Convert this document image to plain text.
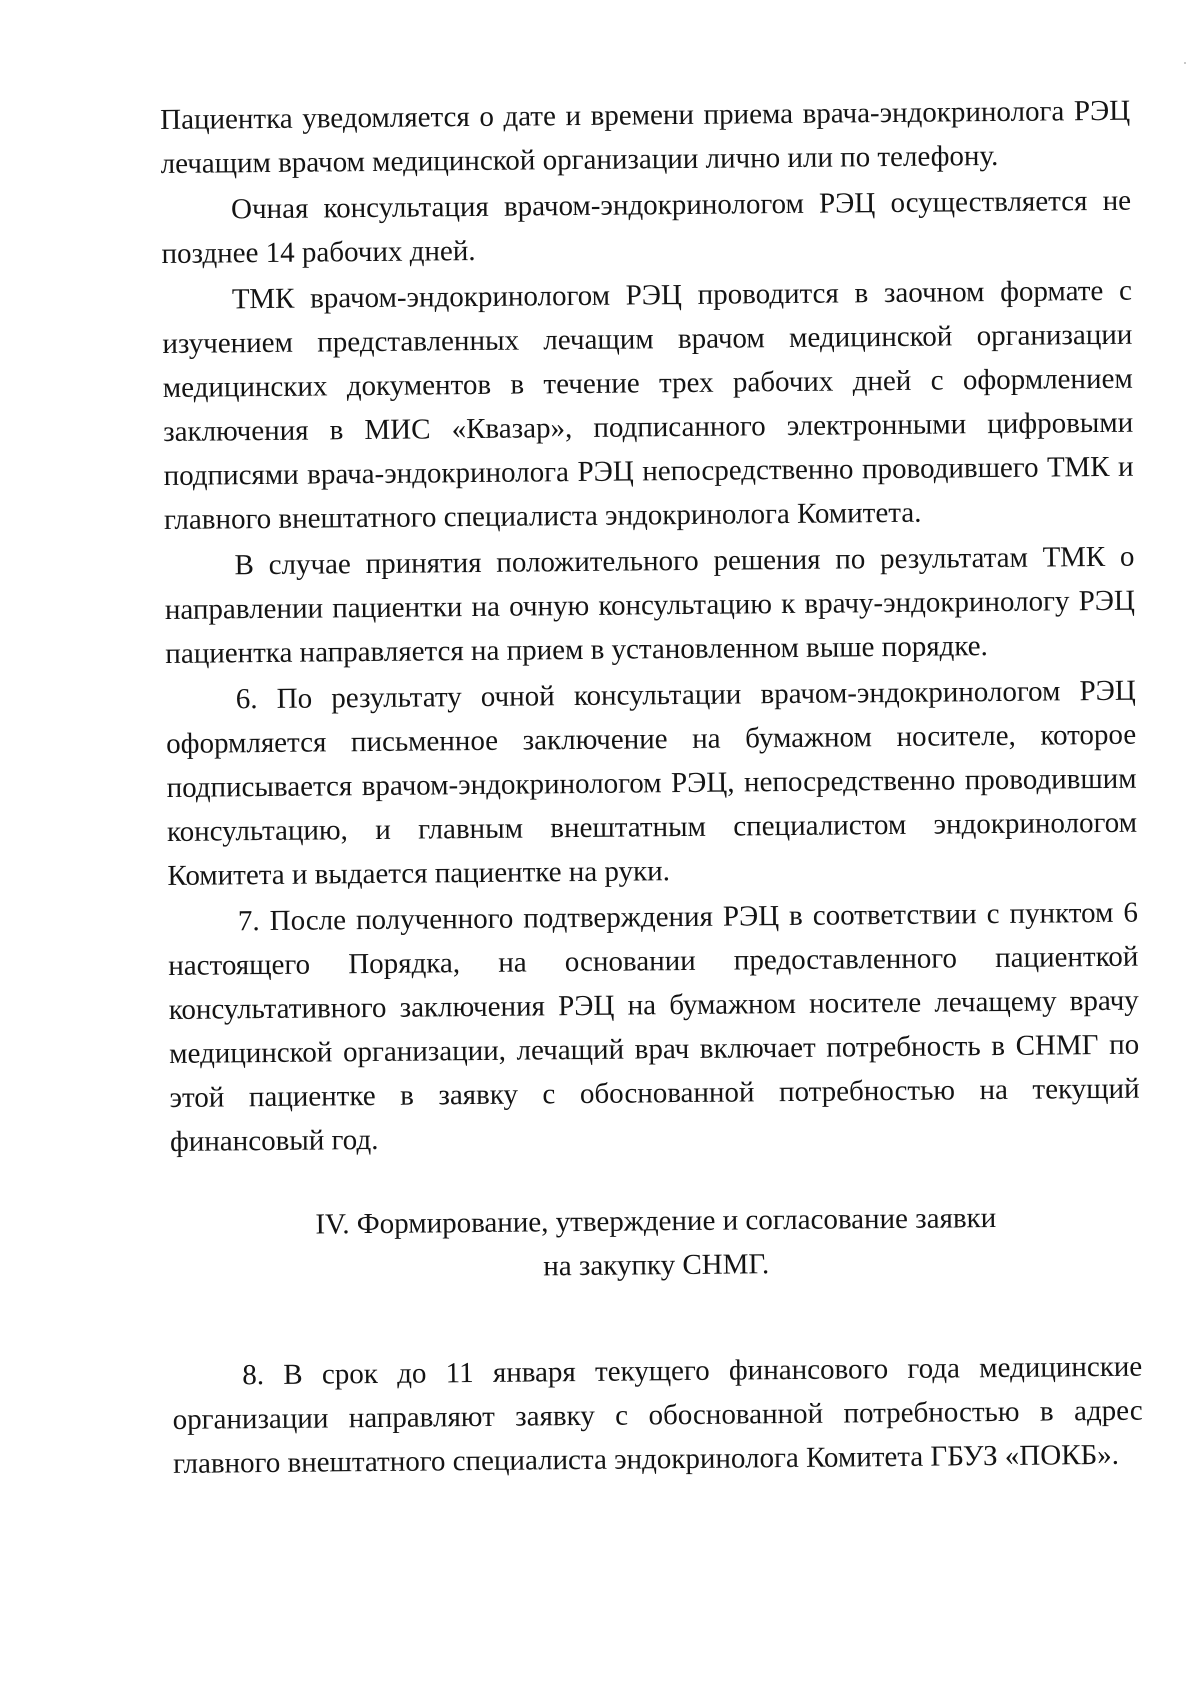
Пациентка уведомляется о дате и времени приема врача-эндокринолога РЭЦ лечащим врачом медицинской организации лично или по телефону.

Очная консультация врачом-эндокринологом РЭЦ осуществляется не позднее 14 рабочих дней.

ТМК врачом-эндокринологом РЭЦ проводится в заочном формате с изучением представленных лечащим врачом медицинской организации медицинских документов в течение трех рабочих дней с оформлением заключения в МИС «Квазар», подписанного электронными цифровыми подписями врача-эндокринолога РЭЦ непосредственно проводившего ТМК и главного внештатного специалиста эндокринолога Комитета.

В случае принятия положительного решения по результатам ТМК о направлении пациентки на очную консультацию к врачу-эндокринологу РЭЦ пациентка направляется на прием в установленном выше порядке.

6. По результату очной консультации врачом-эндокринологом РЭЦ оформляется письменное заключение на бумажном носителе, которое подписывается врачом-эндокринологом РЭЦ, непосредственно проводившим консультацию, и главным внештатным специалистом эндокринологом Комитета и выдается пациентке на руки.

7. После полученного подтверждения РЭЦ в соответствии с пунктом 6 настоящего Порядка, на основании предоставленного пациенткой консультативного заключения РЭЦ на бумажном носителе лечащему врачу медицинской организации, лечащий врач включает потребность в СНМГ по этой пациентке в заявку с обоснованной потребностью на текущий финансовый год.

IV. Формирование, утверждение и согласование заявки
на закупку СНМГ.

8. В срок до 11 января текущего финансового года медицинские организации направляют заявку с обоснованной потребностью в адрес главного внештатного специалиста эндокринолога Комитета ГБУЗ «ПОКБ».
